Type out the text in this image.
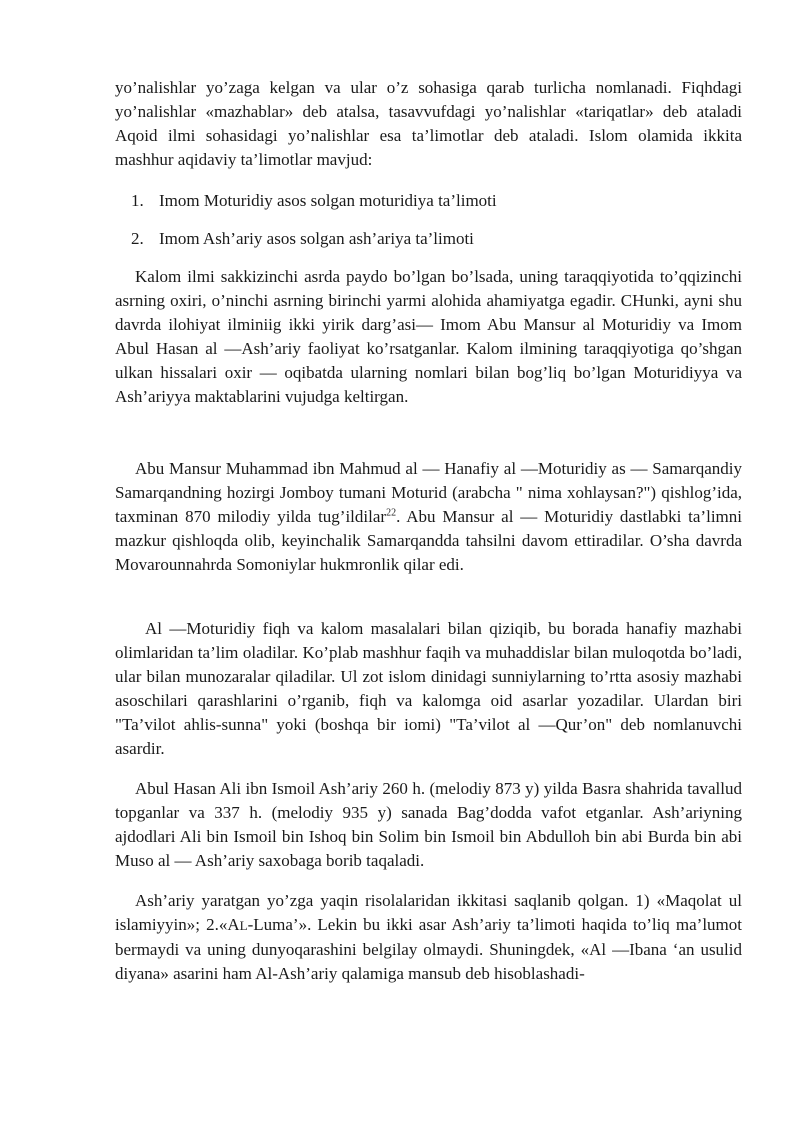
yo’nalishlar yo’zaga kelgan va ular o’z sohasiga qarab turlicha nomlanadi. Fiqhdagi yo’nalishlar «mazhablar» deb atalsa, tasavvufdagi yo’nalishlar «tariqatlar» deb ataladi Aqoid ilmi sohasidagi yo’nalishlar esa ta’limotlar deb ataladi. Islom olamida ikkita mashhur aqidaviy ta’limotlar mavjud:

1. Imom Moturidiy asos solgan moturidiya ta’limoti
2. Imom Ash’ariy asos solgan ash’ariya ta’limoti

Kalom ilmi sakkizinchi asrda paydo bo’lgan bo’lsada, uning taraqqiyotida to’qqizinchi asrning oxiri, o’ninchi asrning birinchi yarmi alohida ahamiyatga egadir. CHunki, ayni shu davrda ilohiyat ilminiig ikki yirik darg’asi— Imom Abu Mansur al Moturidiy va Imom Abul Hasan al —Ash’ariy faoliyat ko’rsatganlar. Kalom ilmining taraqqiyotiga qo’shgan ulkan hissalari oxir — oqibatda ularning nomlari bilan bog’liq bo’lgan Moturidiyya va Ash’ariyya maktablarini vujudga keltirgan.

Abu Mansur Muhammad ibn Mahmud al — Hanafiy al —Moturidiy as — Samarqandiy Samarqandning hozirgi Jomboy tumani Moturid (arabcha " nima xohlaysan?") qishlog’ida, taxminan 870 milodiy yilda tug’ildilar$^{22}$. Abu Mansur al — Moturidiy dastlabki ta’limni mazkur qishloqda olib, keyinchalik Samarqandda tahsilni davom ettiradilar. O’sha davrda Movarounnahrda Somoniylar hukmronlik qilar edi.

Al —Moturidiy fiqh va kalom masalalari bilan qiziqib, bu borada hanafiy mazhabi olimlaridan ta’lim oladilar. Ko’plab mashhur faqih va muhaddislar bilan muloqotda bo’ladi, ular bilan munozaralar qiladilar. Ul zot islom dinidagi sunniylarning to’rtta asosiy mazhabi asoschilari qarashlarini o’rganib, fiqh va kalomga oid asarlar yozadilar. Ulardan biri "Ta’vilot ahlis-sunna" yoki (boshqa bir iomi) "Ta’vilot al —Qur’on" deb nomlanuvchi asardir.

Abul Hasan Ali ibn Ismoil Ash’ariy 260 h. (melodiy 873 y) yilda Basra shahrida tavallud topganlar va 337 h. (melodiy 935 y) sanada Bag’dodda vafot etganlar. Ash’ariyning ajdodlari Ali bin Ismoil bin Ishoq bin Solim bin Ismoil bin Abdulloh bin abi Burda bin abi Muso al — Ash’ariy saxobaga borib taqaladi.

Ash’ariy yaratgan yo’zga yaqin risolalaridan ikkitasi saqlanib qolgan. 1) «Maqolat ul islamiyyin»; 2.«AL-Luma’». Lekin bu ikki asar Ash’ariy ta’limoti haqida to’liq ma’lumot bermaydi va uning dunyoqarashini belgilay olmaydi. Shuningdek, «Al —Ibana ‘an usulid diyana» asarini ham Al-Ash’ariy qalamiga mansub deb hisoblashadi-
